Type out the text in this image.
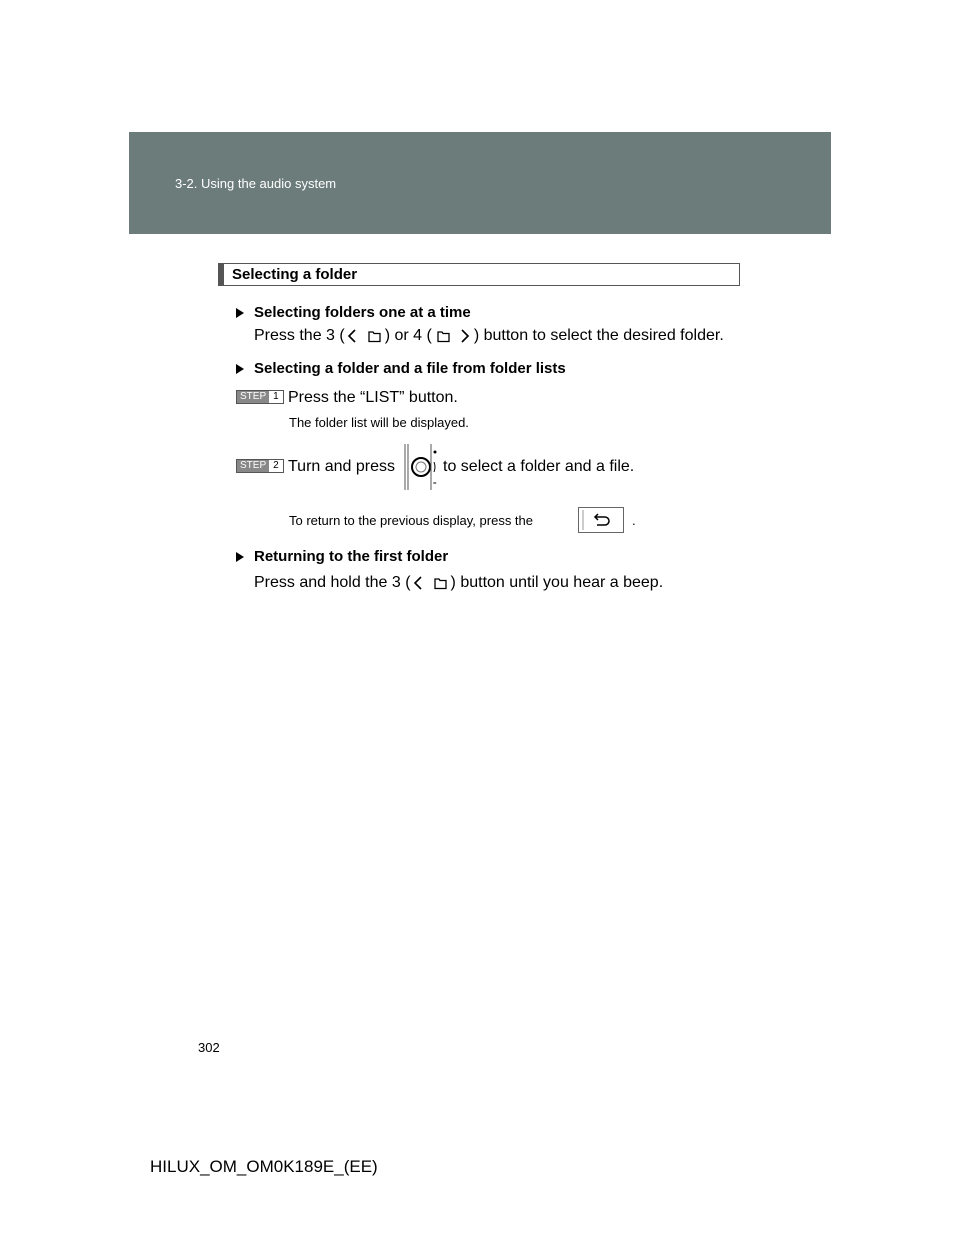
3-2. Using the audio system
Selecting a folder
Selecting folders one at a time
Press the 3 (	) or 4 (	) button to select the desired folder.
Selecting a folder and a file from folder lists
STEP 1 Press the “LIST” button.
The folder list will be displayed.
STEP 2 Turn and press
=
to select a folder and a file.
To return to the previous display, press the	.
Returning to the first folder
Press and hold the 3 (	) button until you hear a beep.
302
HILUX_OM_OM0K189E_(EE)
